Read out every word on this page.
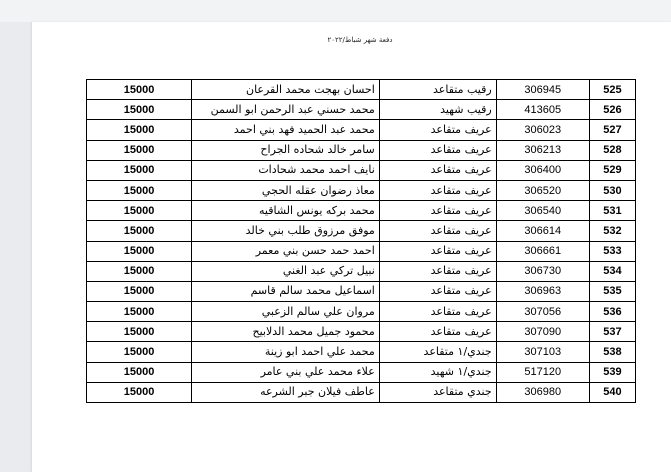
دفعة شهر شباط/٢٠٢٢
15000	احسان بهجت محمد القرعان	رقيب متقاعد	306945	525
15000	محمد حسني عبد الرحمن ابو السمن	رقيب شهيد	413605	526
15000	محمد عبد الحميد فهد بني احمد	عريف متقاعد	306023	527
15000	سامر خالد شحاده الجراح	عريف متقاعد	306213	528
15000	نايف احمد محمد شحادات	عريف متقاعد	306400	529
15000	معاذ رضوان عقله الحجي	عريف متقاعد	306520	530
15000	محمد بركه يونس الشاقيه	عريف متقاعد	306540	531
15000	موفق مرزوق طلب بني خالد	عريف متقاعد	306614	532
15000	احمد حمد حسن بني معمر	عريف متقاعد	306661	533
15000	نبيل تركي عبد الغني	عريف متقاعد	306730	534
15000	اسماعيل محمد سالم قاسم	عريف متقاعد	306963	535
15000	مروان علي سالم الزعبي	عريف متقاعد	307056	536
15000	محمود جميل محمد الدلابيح	عريف متقاعد	307090	537
15000	محمد علي احمد ابو زينة	جندي/١ متقاعد	307103	538
15000	علاء محمد علي بني عامر	جندي/١ شهيد	517120	539
15000	عاطف فيلان جبر الشرعه	جندي متقاعد	306980	540
